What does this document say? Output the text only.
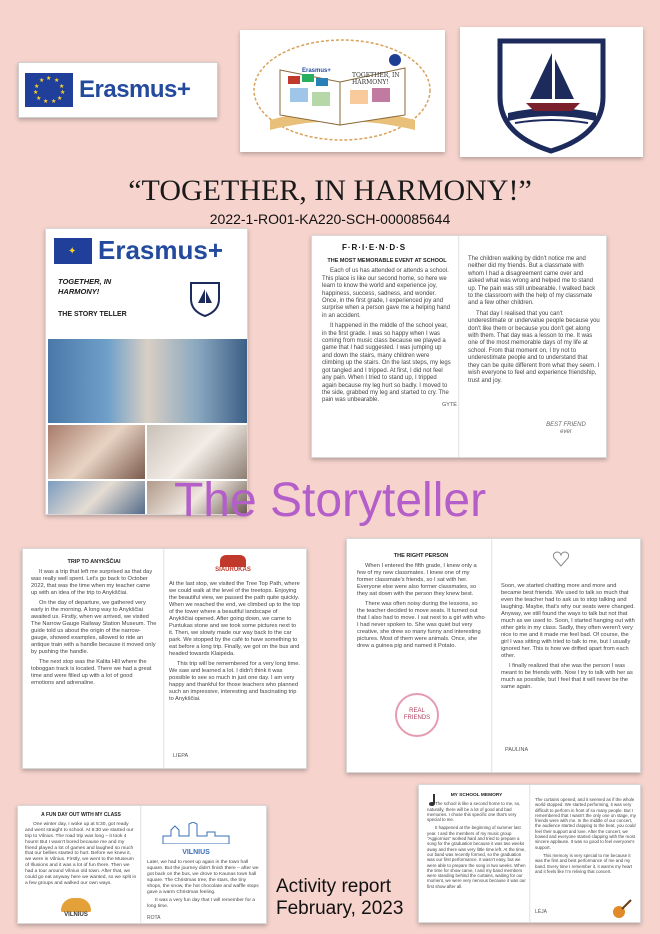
★ ★
★
★
★
★
★
★
★
★
★ Erasmus+
Erasmus+
TOGETHER, IN HARMONY!
VITĖS PROGIMNAZIJA
“TOGETHER, IN HARMONY!”
2022-1-RO01-KA220-SCH-000085644
✦ Erasmus+
TOGETHER, IN HARMONY!
THE STORY TELLER
F·R·I·E·N·D·S

THE MOST MEMORABLE EVENT AT SCHOOL

Each of us has attended or attends a school. This place is like our second home, so here we learn to know the world and experience joy, happiness, success, sadness, and wonder. Once, in the first grade, I experienced joy and surprise when a person gave me a helping hand in an accident.

It happened in the middle of the school year, in the first grade. I was so happy when I was coming from music class because we played a game that I had suggested. I was jumping up and down the stairs, many children were climbing up the stairs. On the last steps, my legs got tangled and I tripped. At first, I did not feel any pain. When I tried to stand up, I tripped again because my leg hurt so badly. I moved to the side, grabbed my leg and started to cry. The pain was unbearable.

The children walking by didn't notice me and neither did my friends. But a classmate with whom I had a disagreement came over and asked what was wrong and helped me to stand up. The pain was still unbearable. I walked back to the classroom with the help of my classmate and a few other children.

That day I realised that you can't underestimate or undervalue people because you don't like them or because you don't get along with them. That day was a lesson to me. It was one of the most memorable days of my life at school. From that moment on, I try not to underestimate people and to understand that they can be quite different from what they seem. I wish everyone to feel and experience friendship, trust and joy.

GYTĖ
BEST FRIEND ever
The Storyteller

TRIP TO ANYKŠČIAI

It was a trip that left me surprised as that day was really well spent. Let's go back to October 2022, that was the time when my teacher came up with an idea of the trip to Anykščiai.

On the day of departure, we gathered very early in the morning. A long way to Anykščiai awaited us. Firstly, when we arrived, we visited The Narrow Gauge Railway Station Museum. The guide told us about the origin of the narrow-gauge, showed examples, allowed to ride an antique train with a handle because it moved only by pushing the handle.

The next stop was the Kalita Hill where the toboggan track is located. There we had a great time and were filled up with a lot of good emotions and adrenaline.

SIAURUKAS

At the last stop, we visited the Tree Top Path, where we could walk at the level of the treetops. Enjoying the beautiful view, we passed the path quite quickly. When we reached the end, we climbed up to the top of the tower where a beautiful landscape of Anykščiai opened. After going down, we came to Puntukas stone and we took some pictures next to it. Then, we slowly made our way back to the car park. We stopped by the café to have something to eat before a long trip. Finally, we got on the bus and headed towards Klaipėda.

This trip will be remembered for a very long time. We saw and learned a lot. I didn't think it was possible to see so much in just one day. I am very happy and thankful for those teachers who planned such an impressive, interesting and fascinating trip to Anykščiai.

LIEPA

THE RIGHT PERSON

When I entered the fifth grade, I knew only a few of my new classmates. I knew one of my former classmate's friends, so I sat with her. Everyone else were also former classmates, so they sat down with the person they knew best.

There was often noisy during the lessons, so the teacher decided to move seats. It turned out that I also had to move. I sat next to a girl with who I had never spoken to. She was quiet but very creative, she drew so many funny and interesting pictures. Most of them were animals. Once, she drew a guinea pig and named it Potato.

REAL FRIENDS

Soon, we started chatting more and more and became best friends. We used to talk so much that even the teacher had to ask us to stop talking and laughing. Maybe, that's why our seats were changed. Anyway, we still found the ways to talk but not that much as we used to. Soon, I started hanging out with other girls in my class. Sadly, they often weren't very nice to me and it made me feel bad. Of course, the girl I was sitting with tried to talk to me, but I usually ignored her. This is how we drifted apart from each other.

I finally realized that she was the person I was meant to be friends with. Now I try to talk with her as much as possible, but I feel that it will never be the same again.

PAULINA

A FUN DAY OUT WITH MY CLASS

One winter day, I woke up at 5:30, got ready and went straight to school. At 6:30 we started our trip to Vilnius. The road trip was long – it took 4 hours! But I wasn't bored because me and my friend played a lot of games and laughed so much that our bellies started to hurt. Before we knew it, we were in Vilnius. Firstly, we went to the Museum of Illusions and it was a lot of fun there. Then we had a tour around Vilnius old town. After that, we could go eat anyway here we wanted, so we split in a few groups and walked our own ways.

VILNIUS
VILNIUS

Later, we had to meet up again in the town hall square. But the journey didn't finish there – after we got back on the bus, we drove to Kaunas town hall square. The Christmas tree, the stars, the tiny shops, the snow, the hot chocolate and waffle stops gave a warm Christmas feeling.

It was a very fun day that I will remember for a long time.

ROTA
Activity report
February, 2023

MY SCHOOL MEMORY

The school is like a second home to me, so, naturally, there will be a lot of good and bad memories. I chose this specific one that's very special to me.

It happened at the beginning of summer last year. I and the members of my music group "Aggiornius" worked hard and tried to prepare a song for the graduation because it was two weeks away and there was very little time left. At the time, our band was recently formed, so the graduation was our first performance. It wasn't easy, but we were able to prepare the song in two weeks. When the time for show came, I and my band members were standing behind the curtains, waiting for our moment, we were very nervous because it was our first show after all.

The curtains opened, and it seemed as if the whole world stopped. We started performing, it was very difficult to perform in front of so many people. But I remembered that I wasn't the only one on stage, my friends were with me. In the middle of our concert, the audience started clapping to the beat, you could feel their support and love. After the concert, we bowed and everyone started clapping with the most sincere applause. It was so good to feel everyone's support.

This memory is very special to me because it was the first and best performance of me and my band. Every time I remember it, it warms my heart and it feels like I'm reliving that concert.

LĖJA
